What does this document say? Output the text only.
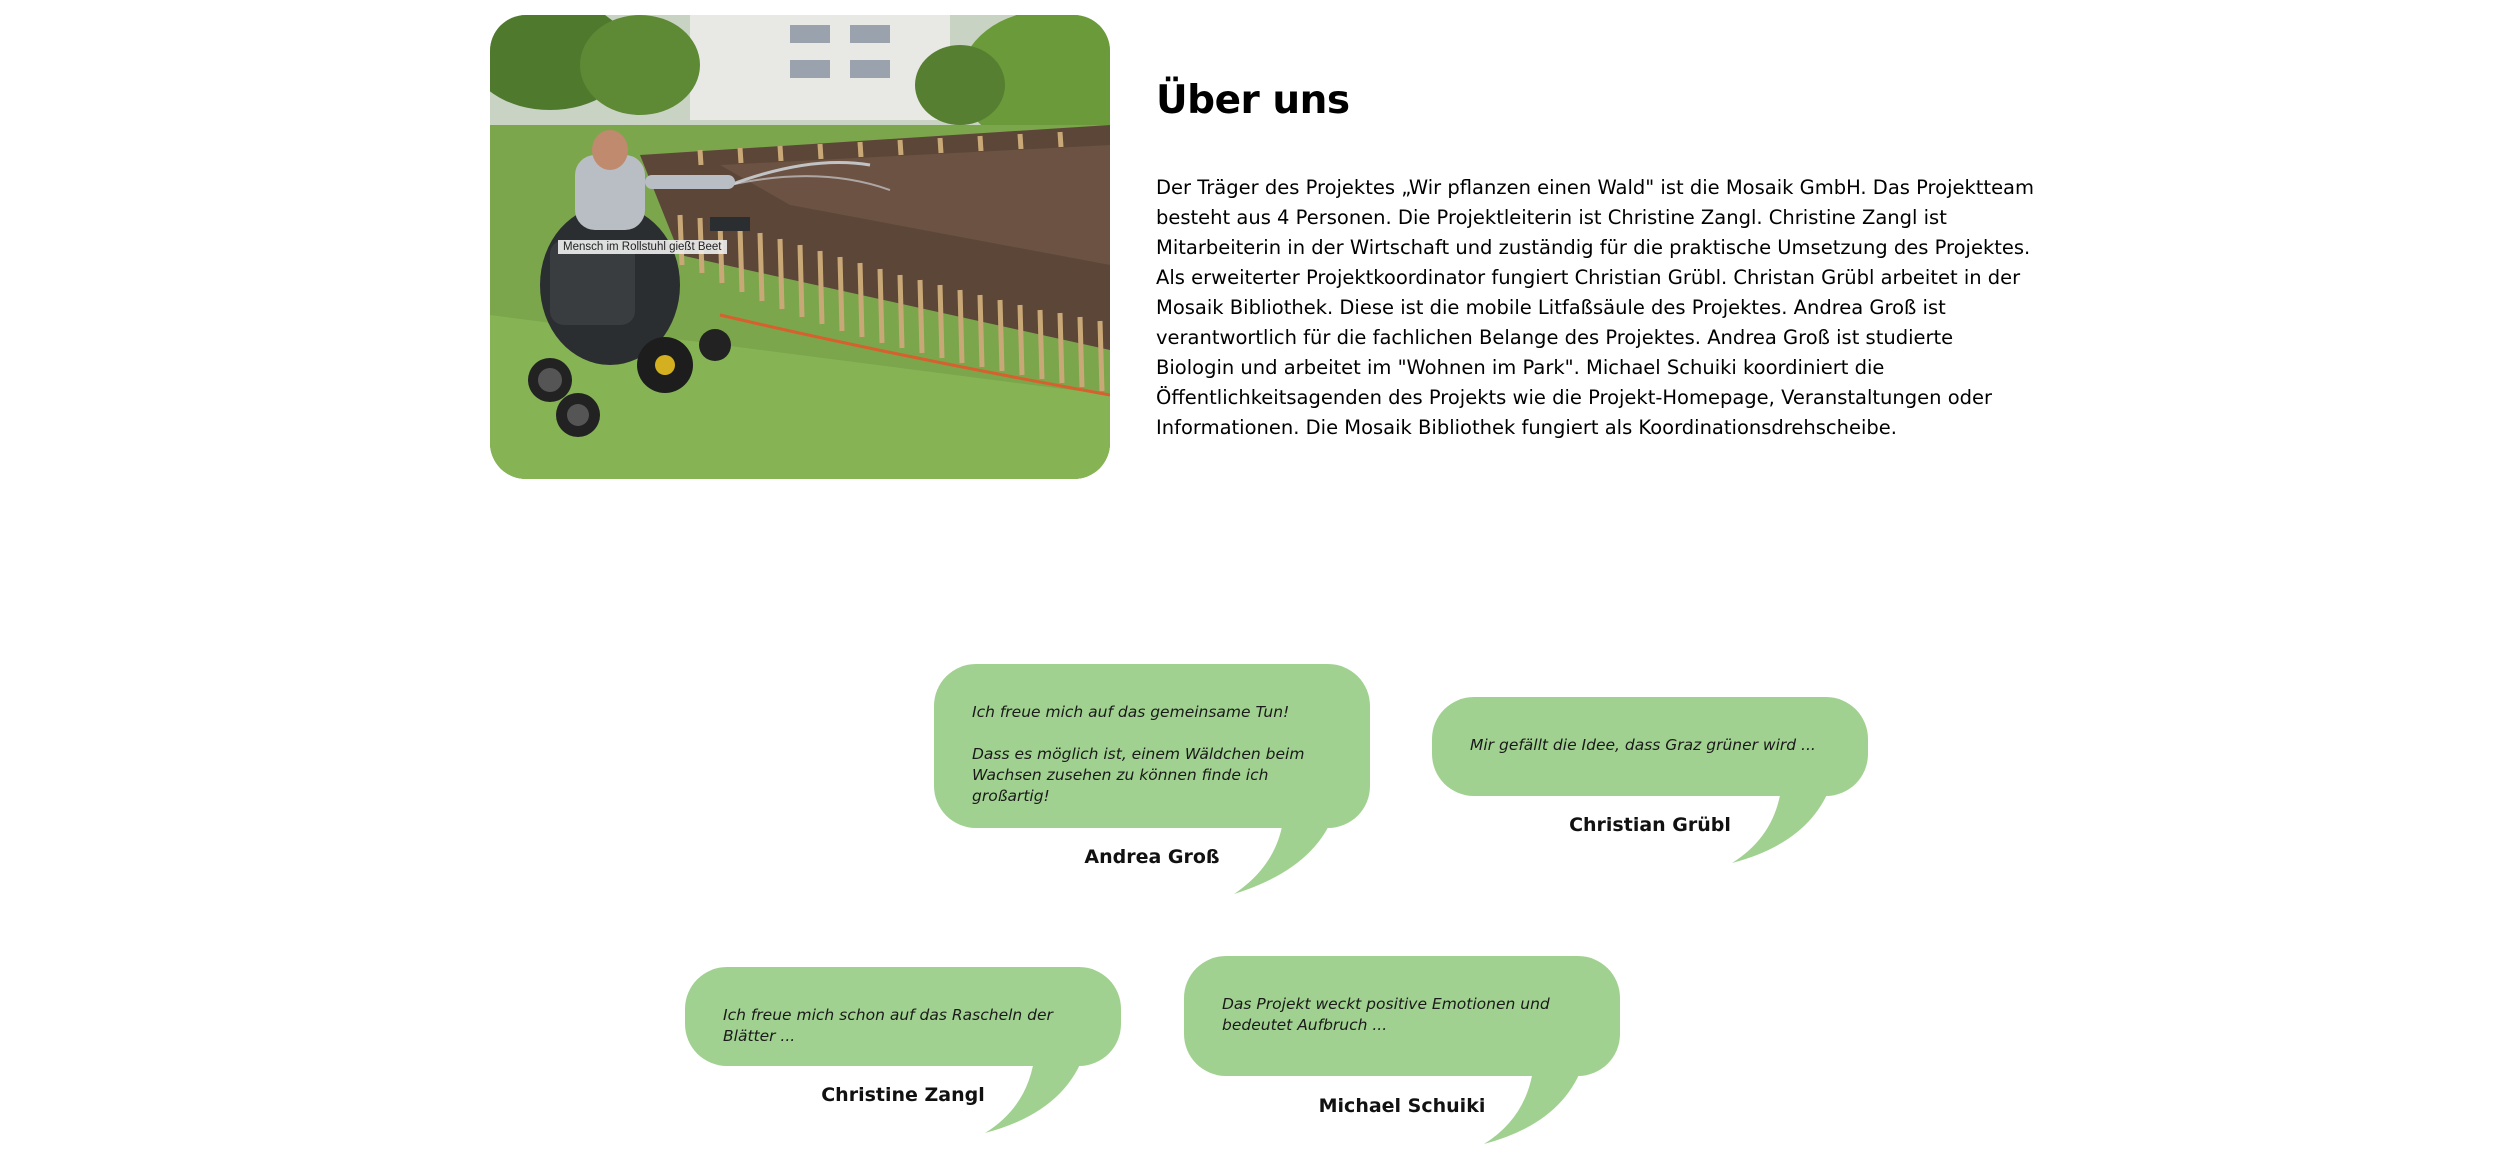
Mensch im Rollstuhl gießt Beet
Über uns

Der Träger des Projektes „Wir pflanzen einen Wald" ist die Mosaik GmbH. Das Projektteam besteht aus 4 Personen. Die Projektleiterin ist Christine Zangl. Christine Zangl ist Mitarbeiterin in der Wirtschaft und zuständig für die praktische Umsetzung des Projektes. Als erweiterter Projektkoordinator fungiert Christian Grübl. Christan Grübl arbeitet in der Mosaik Bibliothek. Diese ist die mobile Litfaßsäule des Projektes. Andrea Groß ist verantwortlich für die fachlichen Belange des Projektes. Andrea Groß ist studierte Biologin und arbeitet im "Wohnen im Park". Michael Schuiki koordiniert die Öffentlichkeitsagenden des Projekts wie die Projekt-Homepage, Veranstaltungen oder Informationen. Die Mosaik Bibliothek fungiert als Koordinationsdrehscheibe.

Ich freue mich auf das gemeinsame Tun!
Dass es möglich ist, einem Wäldchen beim Wachsen zusehen zu können finde ich großartig!

Andrea Groß

Mir gefällt die Idee, dass Graz grüner wird ...

Christian Grübl

Ich freue mich schon auf das Rascheln der Blätter ...

Christine Zangl

Das Projekt weckt positive Emotionen und bedeutet Aufbruch ...

Michael Schuiki
